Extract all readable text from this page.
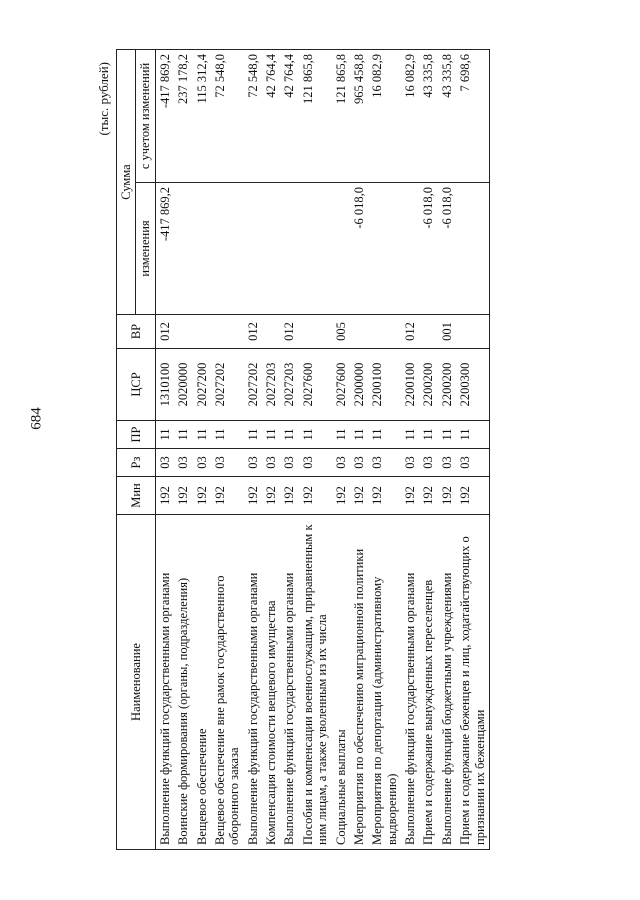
684
(тыс. рублей)
Наименование	Мин	Рз	ПР	ЦСР	ВР	Сумма	
						изменения	с учетом изменений
Выполнение функций государственными органами	192	03	11	1310100	012	-417 869,2	-417 869,2
Воинские формирования (органы, подразделения)	192	03	11	2020000			237 178,2
Вещевое обеспечение	192	03	11	2027200			115 312,4
Вещевое обеспечение вне рамок государственного оборонного заказа	192	03	11	2027202			72 548,0
Выполнение функций государственными органами	192	03	11	2027202	012		72 548,0
Компенсация стоимости вещевого имущества	192	03	11	2027203			42 764,4
Выполнение функций государственными органами	192	03	11	2027203	012		42 764,4
Пособия и компенсации военнослужащим, приравненным к ним лицам, а также уволенным из их числа	192	03	11	2027600			121 865,8
Социальные выплаты	192	03	11	2027600	005		121 865,8
Мероприятия по обеспечению миграционной политики	192	03	11	2200000		-6 018,0	965 458,8
Мероприятия по депортации (административному выдворению)	192	03	11	2200100			16 082,9
Выполнение функций государственными органами	192	03	11	2200100	012		16 082,9
Прием и содержание вынужденных переселенцев	192	03	11	2200200		-6 018,0	43 335,8
Выполнение функций бюджетными учреждениями	192	03	11	2200200	001	-6 018,0	43 335,8
Прием и содержание беженцев и лиц, ходатайствующих о признании их беженцами	192	03	11	2200300			7 698,6
